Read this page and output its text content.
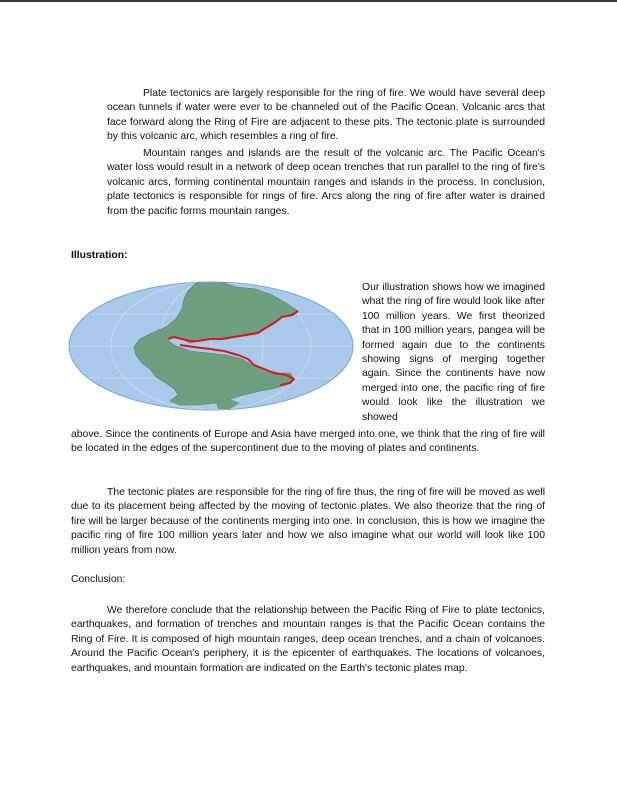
Plate tectonics are largely responsible for the ring of fire. We would have several deep ocean tunnels if water were ever to be channeled out of the Pacific Ocean. Volcanic arcs that face forward along the Ring of Fire are adjacent to these pits. The tectonic plate is surrounded by this volcanic arc, which resembles a ring of fire.

Mountain ranges and islands are the result of the volcanic arc. The Pacific Ocean's water loss would result in a network of deep ocean trenches that run parallel to the ring of fire's volcanic arcs, forming continental mountain ranges and islands in the process. In conclusion, plate tectonics is responsible for rings of fire. Arcs along the ring of fire after water is drained from the pacific forms mountain ranges.

Illustration:

Our illustration shows how we imagined what the ring of fire would look like after 100 million years. We first theorized that in 100 million years, pangea will be formed again due to the continents showing signs of merging together again. Since the continents have now merged into one, the pacific ring of fire would look like the illustration we showed

above. Since the continents of Europe and Asia have merged into one, we think that the ring of fire will be located in the edges of the supercontinent due to the moving of plates and continents.

The tectonic plates are responsible for the ring of fire thus, the ring of fire will be moved as well due to its placement being affected by the moving of tectonic plates. We also theorize that the ring of fire will be larger because of the continents merging into one. In conclusion, this is how we imagine the pacific ring of fire 100 million years later and how we also imagine what our world will look like 100 million years from now.

Conclusion:

We therefore conclude that the relationship between the Pacific Ring of Fire to plate tectonics, earthquakes, and formation of trenches and mountain ranges is that the Pacific Ocean contains the Ring of Fire. It is composed of high mountain ranges, deep ocean trenches, and a chain of volcanoes. Around the Pacific Ocean's periphery, it is the epicenter of earthquakes. The locations of volcanoes, earthquakes, and mountain formation are indicated on the Earth's tectonic plates map.
